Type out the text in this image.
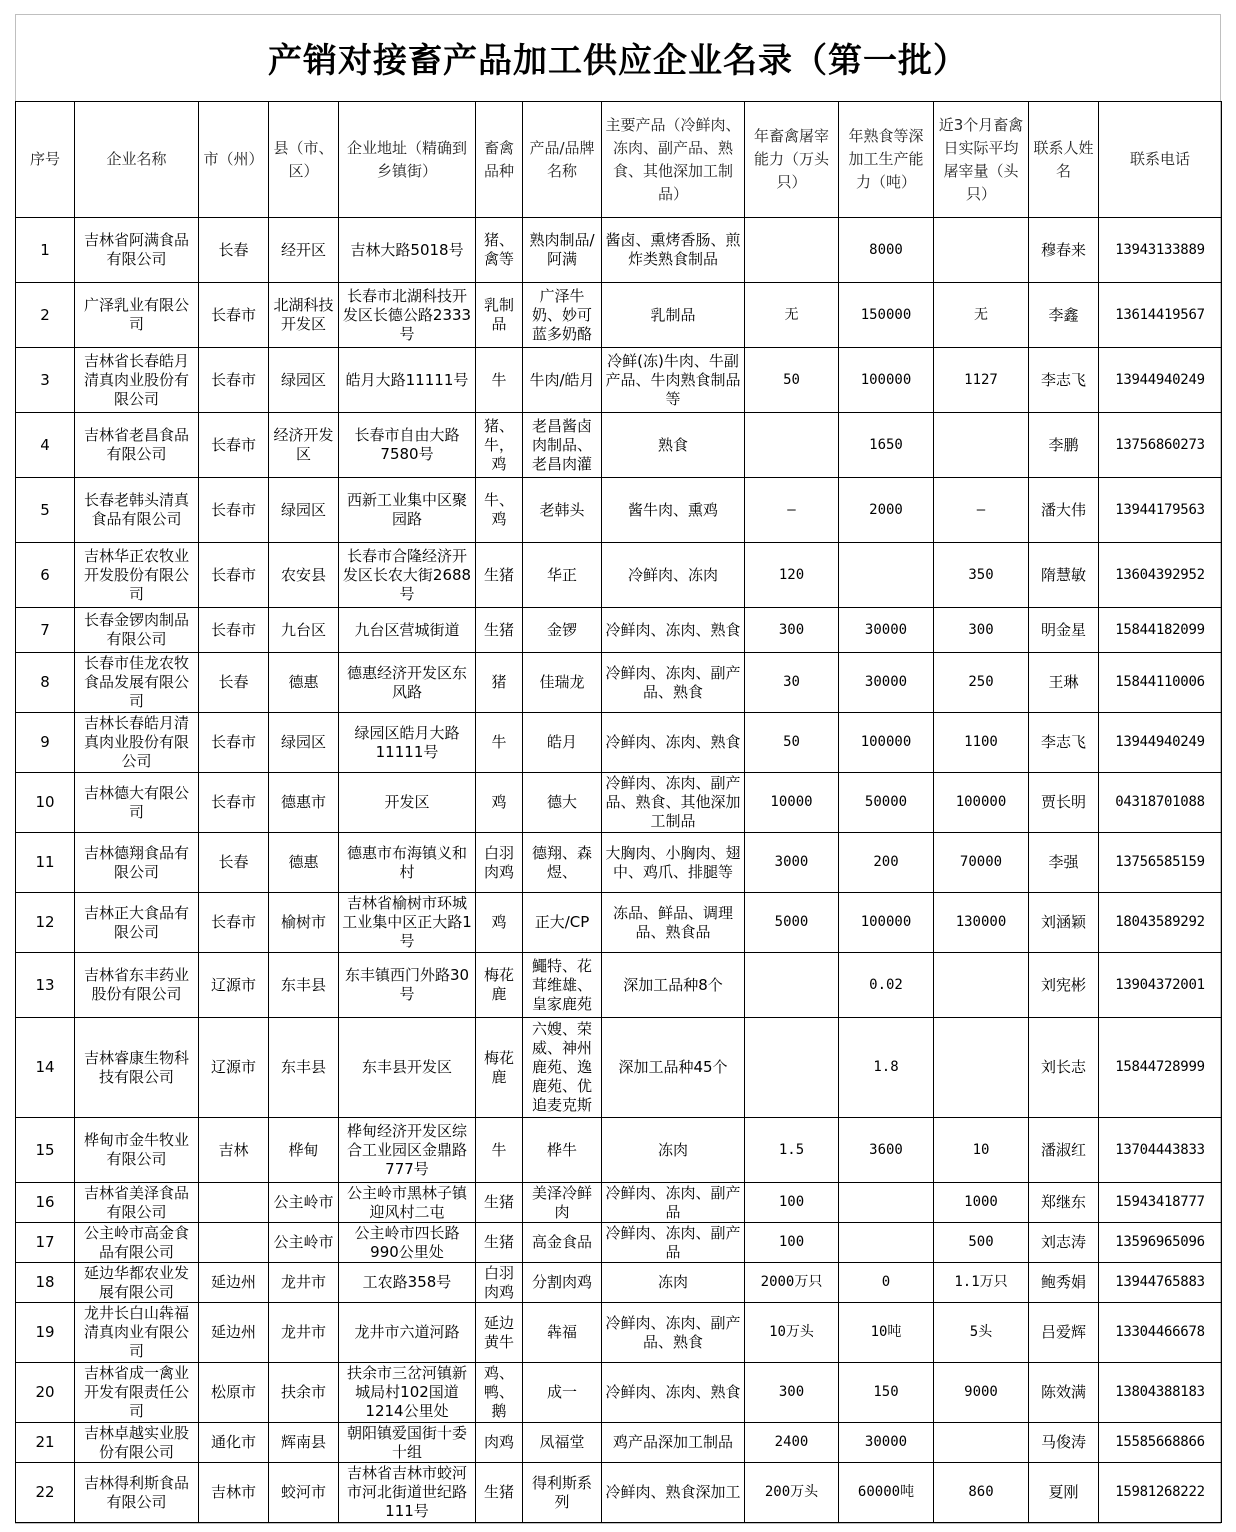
产销对接畜产品加工供应企业名录（第一批）
序号	企业名称	市（州）	县（市、区）	企业地址（精确到乡镇街）	畜禽品种	产品/品牌名称	主要产品（冷鲜肉、冻肉、副产品、熟食、其他深加工制品）	年畜禽屠宰能力（万头只）	年熟食等深加工生产能力（吨）	近3个月畜禽日实际平均屠宰量（头只）	联系人姓名	联系电话
1	吉林省阿满食品有限公司	长春	经开区	吉林大路5018号	猪、禽等	熟肉制品/阿满	酱卤、熏烤香肠、煎炸类熟食制品		8000		穆春来	13943133889
2	广泽乳业有限公司	长春市	北湖科技开发区	长春市北湖科技开发区长德公路2333号	乳制品	广泽牛奶、妙可蓝多奶酪	乳制品	无	150000	无	李鑫	13614419567
3	吉林省长春皓月清真肉业股份有限公司	长春市	绿园区	皓月大路11111号	牛	牛肉/皓月	冷鲜(冻)牛肉、牛副产品、牛肉熟食制品等	50	100000	1127	李志飞	13944940249
4	吉林省老昌食品有限公司	长春市	经济开发区	长春市自由大路7580号	猪、牛，鸡	老昌酱卤肉制品、老昌肉灌	熟食		1650		李鹏	13756860273
5	长春老韩头清真食品有限公司	长春市	绿园区	西新工业集中区聚园路	牛、鸡	老韩头	酱牛肉、熏鸡	—	2000	—	潘大伟	13944179563
6	吉林华正农牧业开发股份有限公司	长春市	农安县	长春市合隆经济开发区长农大街2688号	生猪	华正	冷鲜肉、冻肉	120		350	隋慧敏	13604392952
7	长春金锣肉制品有限公司	长春市	九台区	九台区营城街道	生猪	金锣	冷鲜肉、冻肉、熟食	300	30000	300	明金星	15844182099
8	长春市佳龙农牧食品发展有限公司	长春	德惠	德惠经济开发区东风路	猪	佳瑞龙	冷鲜肉、冻肉、副产品、熟食	30	30000	250	王琳	15844110006
9	吉林长春皓月清真肉业股份有限公司	长春市	绿园区	绿园区皓月大路11111号	牛	皓月	冷鲜肉、冻肉、熟食	50	100000	1100	李志飞	13944940249
10	吉林德大有限公司	长春市	德惠市	开发区	鸡	德大	冷鲜肉、冻肉、副产品、熟食、其他深加工制品	10000	50000	100000	贾长明	04318701088
11	吉林德翔食品有限公司	长春	德惠	德惠市布海镇义和村	白羽肉鸡	德翔、森煜、	大胸肉、小胸肉、翅中、鸡爪、排腿等	3000	200	70000	李强	13756585159
12	吉林正大食品有限公司	长春市	榆树市	吉林省榆树市环城工业集中区正大路1号	鸡	正大/CP	冻品、鲜品、调理品、熟食品	5000	100000	130000	刘涵颖	18043589292
13	吉林省东丰药业股份有限公司	辽源市	东丰县	东丰镇西门外路30号	梅花鹿	鱦特、花茸维雄、皇家鹿苑	深加工品种8个		0.02		刘宪彬	13904372001
14	吉林睿康生物科技有限公司	辽源市	东丰县	东丰县开发区	梅花鹿	六嫂、荣威、神州鹿苑、逸鹿苑、优追麦克斯	深加工品种45个		1.8		刘长志	15844728999
15	桦甸市金牛牧业有限公司	吉林	桦甸	桦甸经济开发区综合工业园区金鼎路777号	牛	桦牛	冻肉	1.5	3600	10	潘淑红	13704443833
16	吉林省美泽食品有限公司		公主岭市	公主岭市黑林子镇迎风村二屯	生猪	美泽冷鲜肉	冷鲜肉、冻肉、副产品	100		1000	郑继东	15943418777
17	公主岭市高金食品有限公司		公主岭市	公主岭市四长路990公里处	生猪	高金食品	冷鲜肉、冻肉、副产品	100		500	刘志涛	13596965096
18	延边华都农业发展有限公司	延边州	龙井市	工农路358号	白羽肉鸡	分割肉鸡	冻肉	2000万只	0	1.1万只	鲍秀娟	13944765883
19	龙井长白山犇福清真肉业有限公司	延边州	龙井市	龙井市六道河路	延边黄牛	犇福	冷鲜肉、冻肉、副产品、熟食	10万头	10吨	5头	吕爱辉	13304466678
20	吉林省成一禽业开发有限责任公司	松原市	扶余市	扶余市三岔河镇新城局村102国道1214公里处	鸡、鸭、鹅	成一	冷鲜肉、冻肉、熟食	300	150	9000	陈效满	13804388183
21	吉林卓越实业股份有限公司	通化市	辉南县	朝阳镇爱国街十委十组	肉鸡	凤福堂	鸡产品深加工制品	2400	30000		马俊涛	15585668866
22	吉林得利斯食品有限公司	吉林市	蛟河市	吉林省吉林市蛟河市河北街道世纪路111号	生猪	得利斯系列	冷鲜肉、熟食深加工	200万头	60000吨	860	夏刚	15981268222
